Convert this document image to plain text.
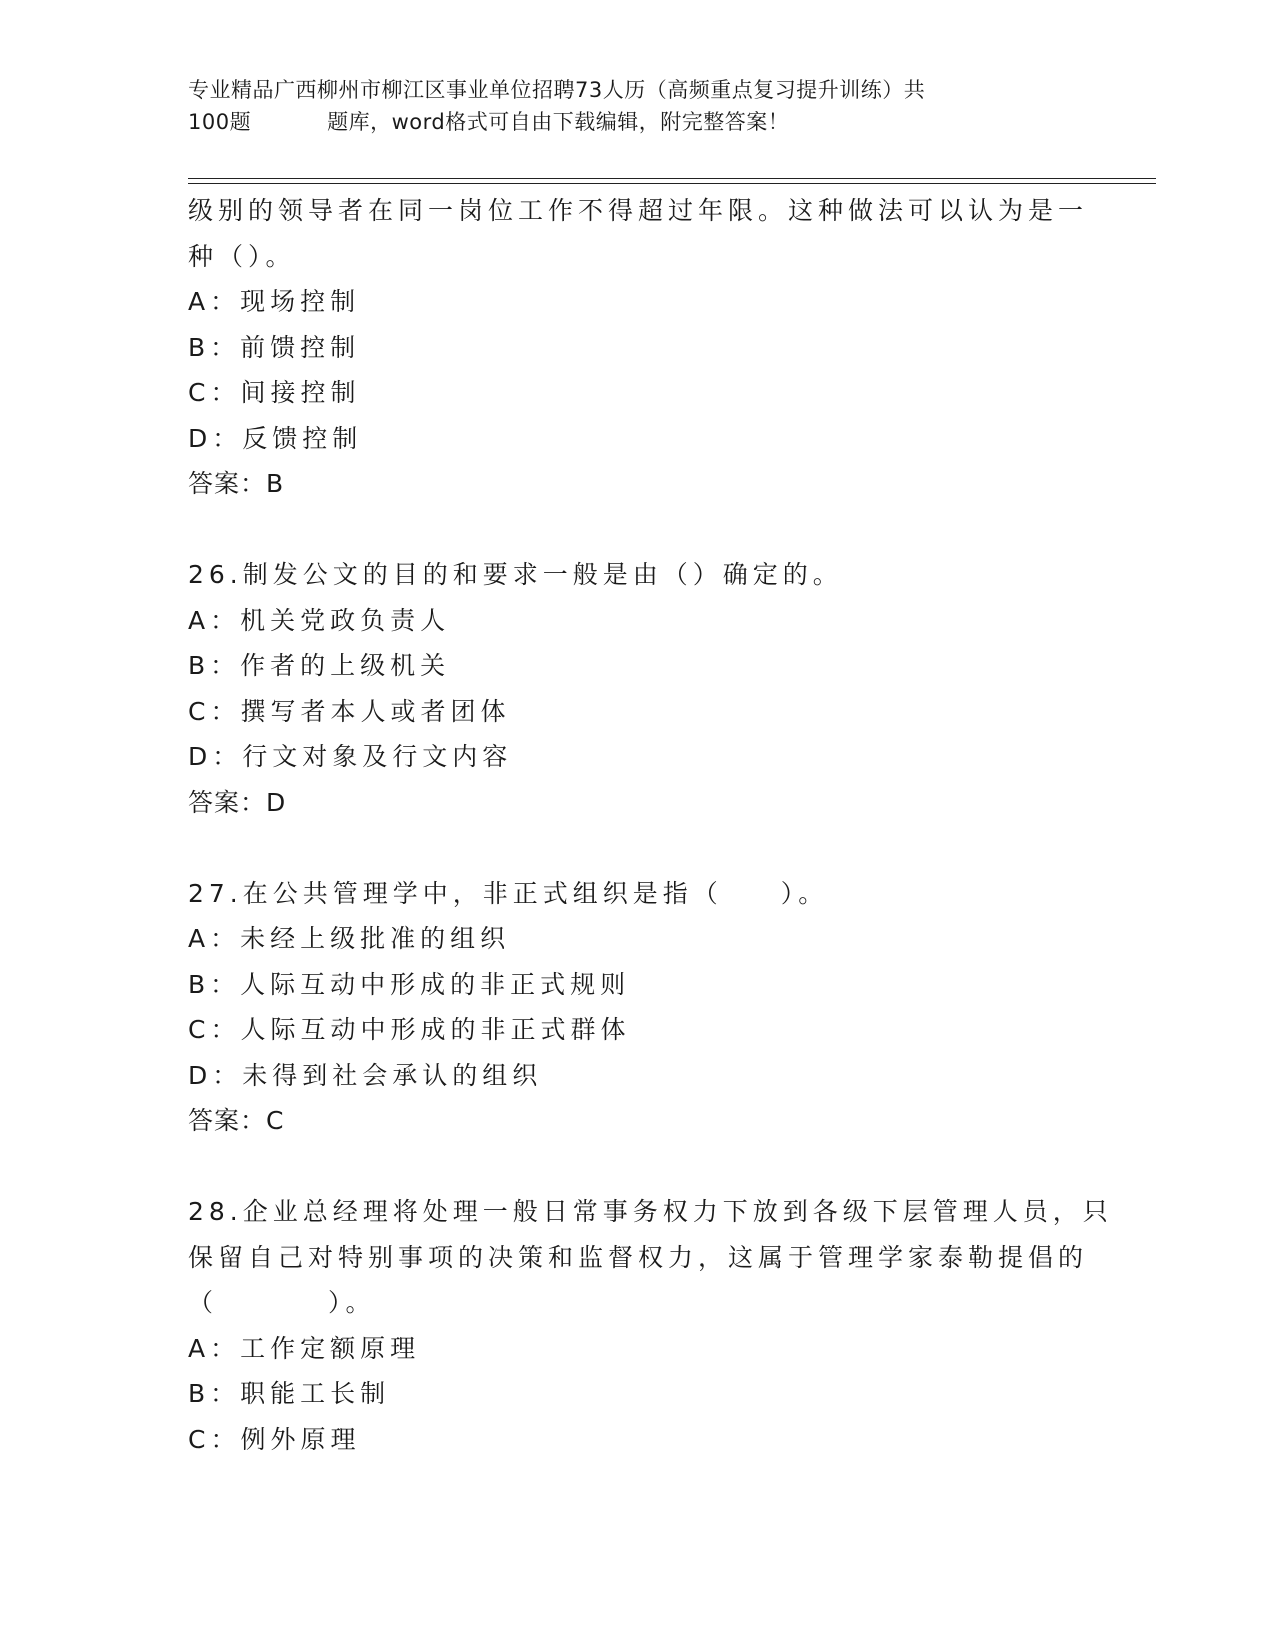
专业精品广西柳州市柳江区事业单位招聘73人历（高频重点复习提升训练）共
100题	题库，word格式可自由下载编辑，附完整答案！
级别的领导者在同一岗位工作不得超过年限。这种做法可以认为是一
种（）。
A：现场控制
B：前馈控制
C：间接控制
D：反馈控制
答案：B
26.制发公文的目的和要求一般是由（）确定的。
A：机关党政负责人
B：作者的上级机关
C：撰写者本人或者团体
D：行文对象及行文内容
答案：D
27.在公共管理学中，非正式组织是指（ ）。
A：未经上级批准的组织
B：人际互动中形成的非正式规则
C：人际互动中形成的非正式群体
D：未得到社会承认的组织
答案：C
28.企业总经理将处理一般日常事务权力下放到各级下层管理人员，只
保留自己对特别事项的决策和监督权力，这属于管理学家泰勒提倡的
（	）。
A：工作定额原理
B：职能工长制
C：例外原理
